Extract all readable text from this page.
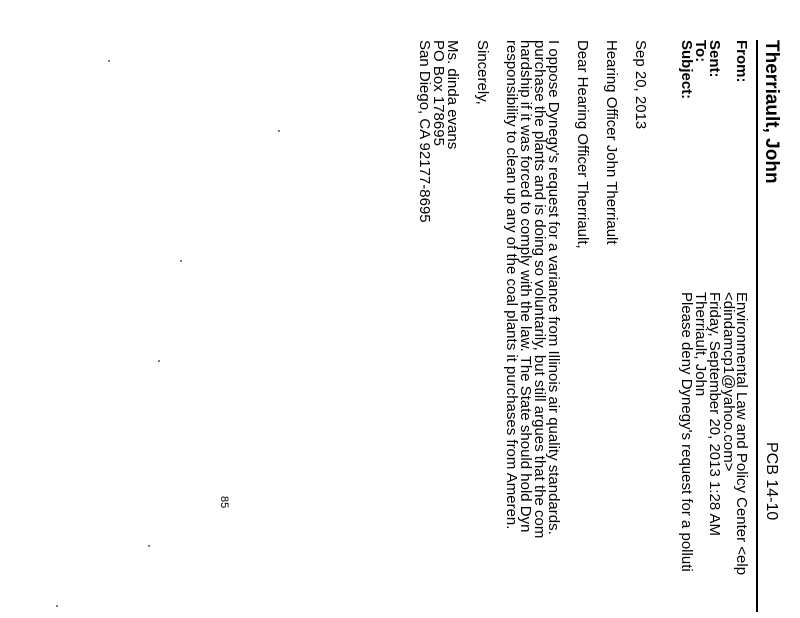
Therriault, John
PCB 14-10
From:
Environmental Law and Policy Center <elp
<dindamcp1@yahoo.com>
Sent:
Friday, September 20, 2013 1:28 AM
To:
Therriault, John
Subject:
Please deny Dynegy's request for a polluti
Sep 20, 2013
Hearing Officer John Therriault
Dear Hearing Officer Therriault,
I oppose Dynegy's request for a variance from Illinois air quality standards.
purchase the plants and is doing so voluntarily, but still argues that the com
hardship if it was forced to comply with the law. The State should hold Dyn
responsibility to clean up any of the coal plants it purchases from Ameren.
Sincerely,
Ms. dinda evans
PO Box 178695
San Diego, CA 92177-8695
85
